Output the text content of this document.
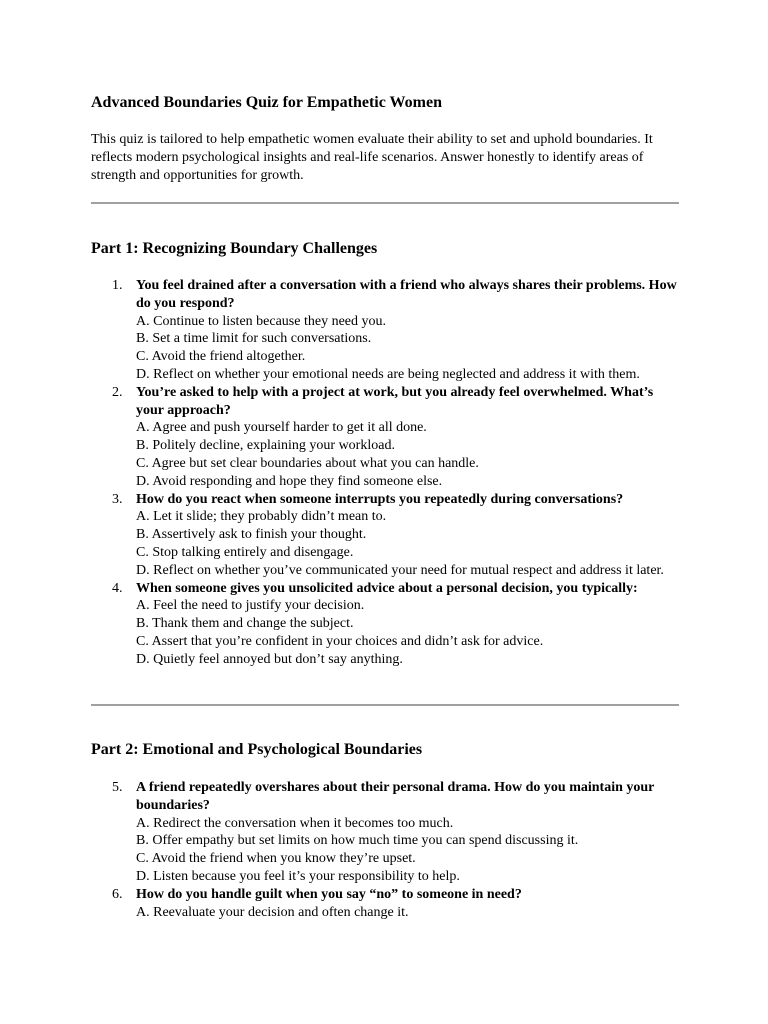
Advanced Boundaries Quiz for Empathetic Women

This quiz is tailored to help empathetic women evaluate their ability to set and uphold boundaries. It reflects modern psychological insights and real-life scenarios. Answer honestly to identify areas of strength and opportunities for growth.

Part 1: Recognizing Boundary Challenges
1. You feel drained after a conversation with a friend who always shares their problems. How do you respond?
A. Continue to listen because they need you.
B. Set a time limit for such conversations.
C. Avoid the friend altogether.
D. Reflect on whether your emotional needs are being neglected and address it with them.
2. You’re asked to help with a project at work, but you already feel overwhelmed. What’s your approach?
A. Agree and push yourself harder to get it all done.
B. Politely decline, explaining your workload.
C. Agree but set clear boundaries about what you can handle.
D. Avoid responding and hope they find someone else.
3. How do you react when someone interrupts you repeatedly during conversations?
A. Let it slide; they probably didn’t mean to.
B. Assertively ask to finish your thought.
C. Stop talking entirely and disengage.
D. Reflect on whether you’ve communicated your need for mutual respect and address it later.
4. When someone gives you unsolicited advice about a personal decision, you typically:
A. Feel the need to justify your decision.
B. Thank them and change the subject.
C. Assert that you’re confident in your choices and didn’t ask for advice.
D. Quietly feel annoyed but don’t say anything.
Part 2: Emotional and Psychological Boundaries
5. A friend repeatedly overshares about their personal drama. How do you maintain your boundaries?
A. Redirect the conversation when it becomes too much.
B. Offer empathy but set limits on how much time you can spend discussing it.
C. Avoid the friend when you know they’re upset.
D. Listen because you feel it’s your responsibility to help.
6. How do you handle guilt when you say “no” to someone in need?
A. Reevaluate your decision and often change it.
